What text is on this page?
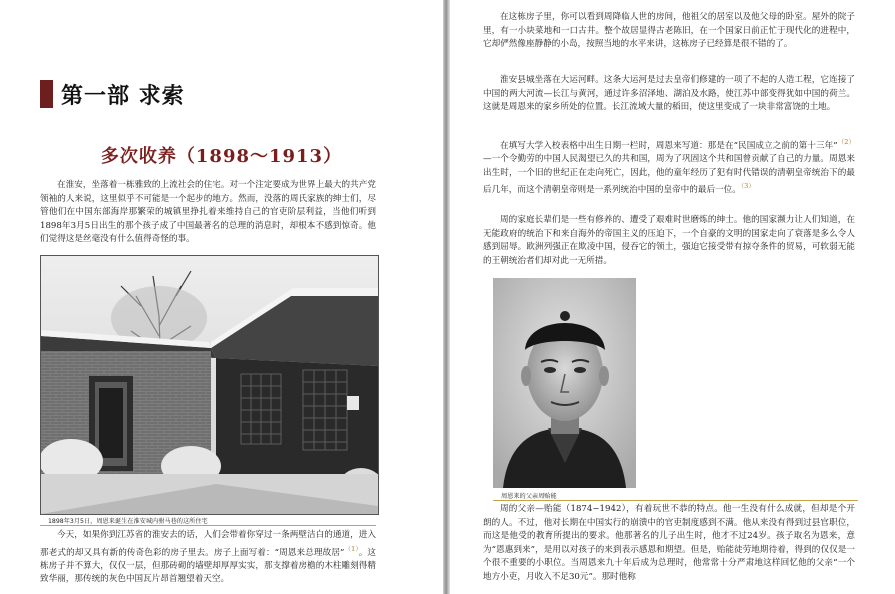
第一部 求索
多次收养（1898～1913）

在淮安，坐落着一栋雅致的上流社会的住宅。对一个注定要成为世界上最大的共产党领袖的人来说，这里似乎不可能是一个起步的地方。然而，没落的周氏家族的绅士们，尽管他们在中国东部海岸那繁荣的城镇里挣扎着来维持自己的官吏阶层利益，当他们听到1898年3月5日出生的那个孩子成了中国最著名的总理的消息时，却根本不感到惊奇。他们觉得这是丝毫没有什么值得奇怪的事。

1898年3月5日，周恩来诞生在淮安城内驸马巷的这所住宅

今天，如果你到江苏省的淮安去的话，人们会带着你穿过一条两壁洁白的通道，进入那老式的却又具有新的传奇色彩的房子里去。房子上面写着：“周恩来总理故居”$^{(1)}$。这栋房子并不算大，仅仅一层，但那砖砌的墙壁却厚厚实实，那支撑着房檐的木柱雕刻得精致华丽，那传统的灰色中国瓦片昂首翘望着天空。

在这栋房子里，你可以看到周降临人世的房间，他祖父的居室以及他父母的卧室。屋外的院子里，有一小块菜地和一口古井。整个故居显得古老陈旧，在一个国家日前正忙于现代化的进程中，它却俨然像座静静的小岛，按照当地的水平来讲，这栋房子已经算是很不错的了。

淮安县城坐落在大运河畔。这条大运河是过去皇帝们修建的一项了不起的人造工程，它连接了中国的两大河流—长江与黄河，通过许多沼泽地、湖泊及水路，使江苏中部变得犹如中国的荷兰。这就是周恩来的家乡所处的位置。长江流域大量的稻田，使这里变成了一块非常富饶的土地。

在填写大学入校表格中出生日期一栏时，周恩来写道：那是在“民国成立之前的第十三年”$^{(2)}$—一个令勤劳的中国人民渴望已久的共和国，周为了巩固这个共和国曾贡献了自己的力量。周恩来出生时，一个旧的世纪正在走向死亡，因此，他的童年经历了犯有时代错误的清朝皇帝统治下的最后几年，而这个清朝皇帝则是一系列统治中国的皇帝中的最后一位。$^{(3)}$

周的家庭长辈们是一些有修养的、遭受了艰难时世磨炼的绅士。他的国家濒力让人们知道，在无能政府的统治下和来自海外的帝国主义的压迫下，一个自豪的文明的国家走向了衰落是多么令人感到屈辱。欧洲列强正在欺凌中国，侵吞它的领土，强迫它接受带有掠夺条件的贸易，可软弱无能的王朝统治者们却对此一无所措。

周恩来的父亲周贻能

周的父亲—贻能（1874~1942），有着玩世不恭的特点。他一生没有什么成就，但却是个开朗的人。不过，他对长期在中国实行的崩溃中的官吏制度感到不满。他从来没有得到过县官职位，而这是他受的教育所提出的要求。他那著名的儿子出生时，他才不过24岁。孩子取名为恩来，意为“恩惠到来”，是用以对孩子的来到表示感恩和期望。但是，贻能徒劳地期待着，得到的仅仅是一个很不重要的小职位。当周恩来九十年后成为总理时，他常常十分严肃地这样回忆他的父亲“一个地方小吏，月收入不足30元”。那时他称
